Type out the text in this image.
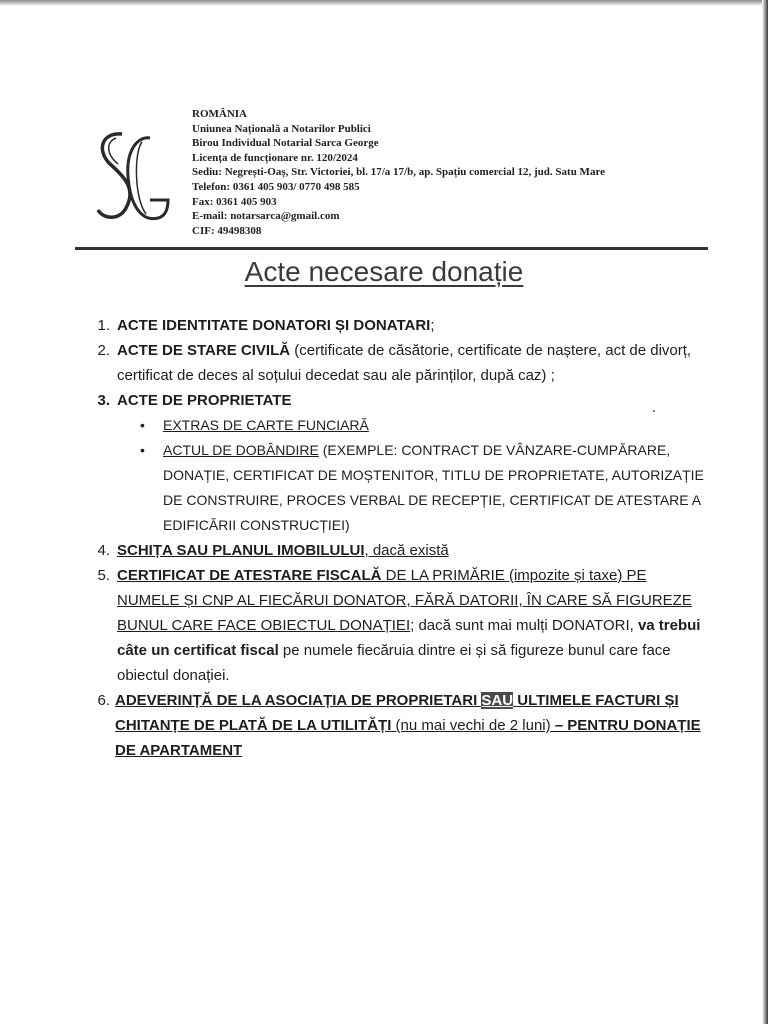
ROMÂNIA
Uniunea Națională a Notarilor Publici
Birou Individual Notarial Sarca George
Licența de funcționare nr. 120/2024
Sediu: Negrești-Oaș, Str. Victoriei, bl. 17/a 17/b, ap. Spațiu comercial 12, jud. Satu Mare
Telefon: 0361 405 903/ 0770 498 585
Fax: 0361 405 903
E-mail: notarsarca@gmail.com
CIF: 49498308
Acte necesare donație
1. ACTE IDENTITATE DONATORI ȘI DONATARI;
2. ACTE DE STARE CIVILĂ (certificate de căsătorie, certificate de naștere, act de divorț, certificat de deces al soțului decedat sau ale părinților, după caz) ;
3. ACTE DE PROPRIETATE
• EXTRAS DE CARTE FUNCIARĂ
• ACTUL DE DOBÂNDIRE (EXEMPLE: CONTRACT DE VÂNZARE-CUMPĂRARE, DONAȚIE, CERTIFICAT DE MOȘTENITOR, TITLU DE PROPRIETATE, AUTORIZAȚIE DE CONSTRUIRE, PROCES VERBAL DE RECEPȚIE, CERTIFICAT DE ATESTARE A EDIFICĂRII CONSTRUCȚIEI)
4. SCHIȚA SAU PLANUL IMOBILULUI, dacă există
5. CERTIFICAT DE ATESTARE FISCALĂ DE LA PRIMĂRIE (impozite și taxe) PE NUMELE ȘI CNP AL FIECĂRUI DONATOR, FĂRĂ DATORII, ÎN CARE SĂ FIGUREZE BUNUL CARE FACE OBIECTUL DONAȚIEI; dacă sunt mai mulți DONATORI, va trebui câte un certificat fiscal pe numele fiecăruia dintre ei și să figureze bunul care face obiectul donației.
6. ADEVERINȚĂ DE LA ASOCIAȚIA DE PROPRIETARI SAU ULTIMELE FACTURI ȘI CHITANȚE DE PLATĂ DE LA UTILITĂȚI (nu mai vechi de 2 luni) – PENTRU DONAȚIE DE APARTAMENT
